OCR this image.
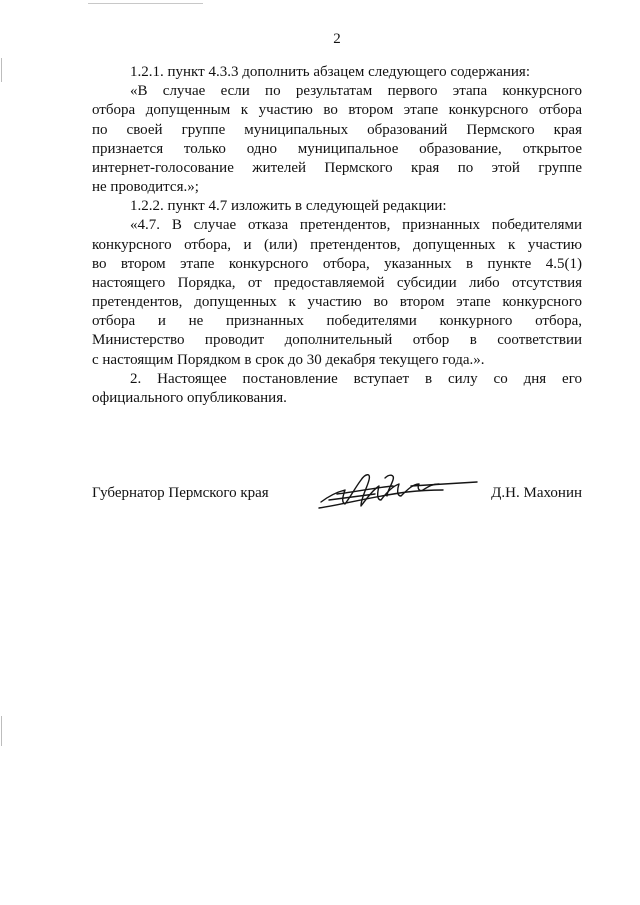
2
1.2.1. пункт 4.3.3 дополнить абзацем следующего содержания:
«В случае если по результатам первого этапа конкурсного
отбора допущенным к участию во втором этапе конкурсного отбора
по своей группе муниципальных образований Пермского края
признается только одно муниципальное образование, открытое
интернет-голосование жителей Пермского края по этой группе
не проводится.»;
1.2.2. пункт 4.7 изложить в следующей редакции:
«4.7. В случае отказа претендентов, признанных победителями
конкурсного отбора, и (или) претендентов, допущенных к участию
во втором этапе конкурсного отбора, указанных в пункте 4.5(1)
настоящего Порядка, от предоставляемой субсидии либо отсутствия
претендентов, допущенных к участию во втором этапе конкурсного
отбора и не признанных победителями конкурного отбора,
Министерство проводит дополнительный отбор в соответствии
с настоящим Порядком в срок до 30 декабря текущего года.».
2. Настоящее постановление вступает в силу со дня его
официального опубликования.
Губернатор Пермского края	Д.Н. Махонин
